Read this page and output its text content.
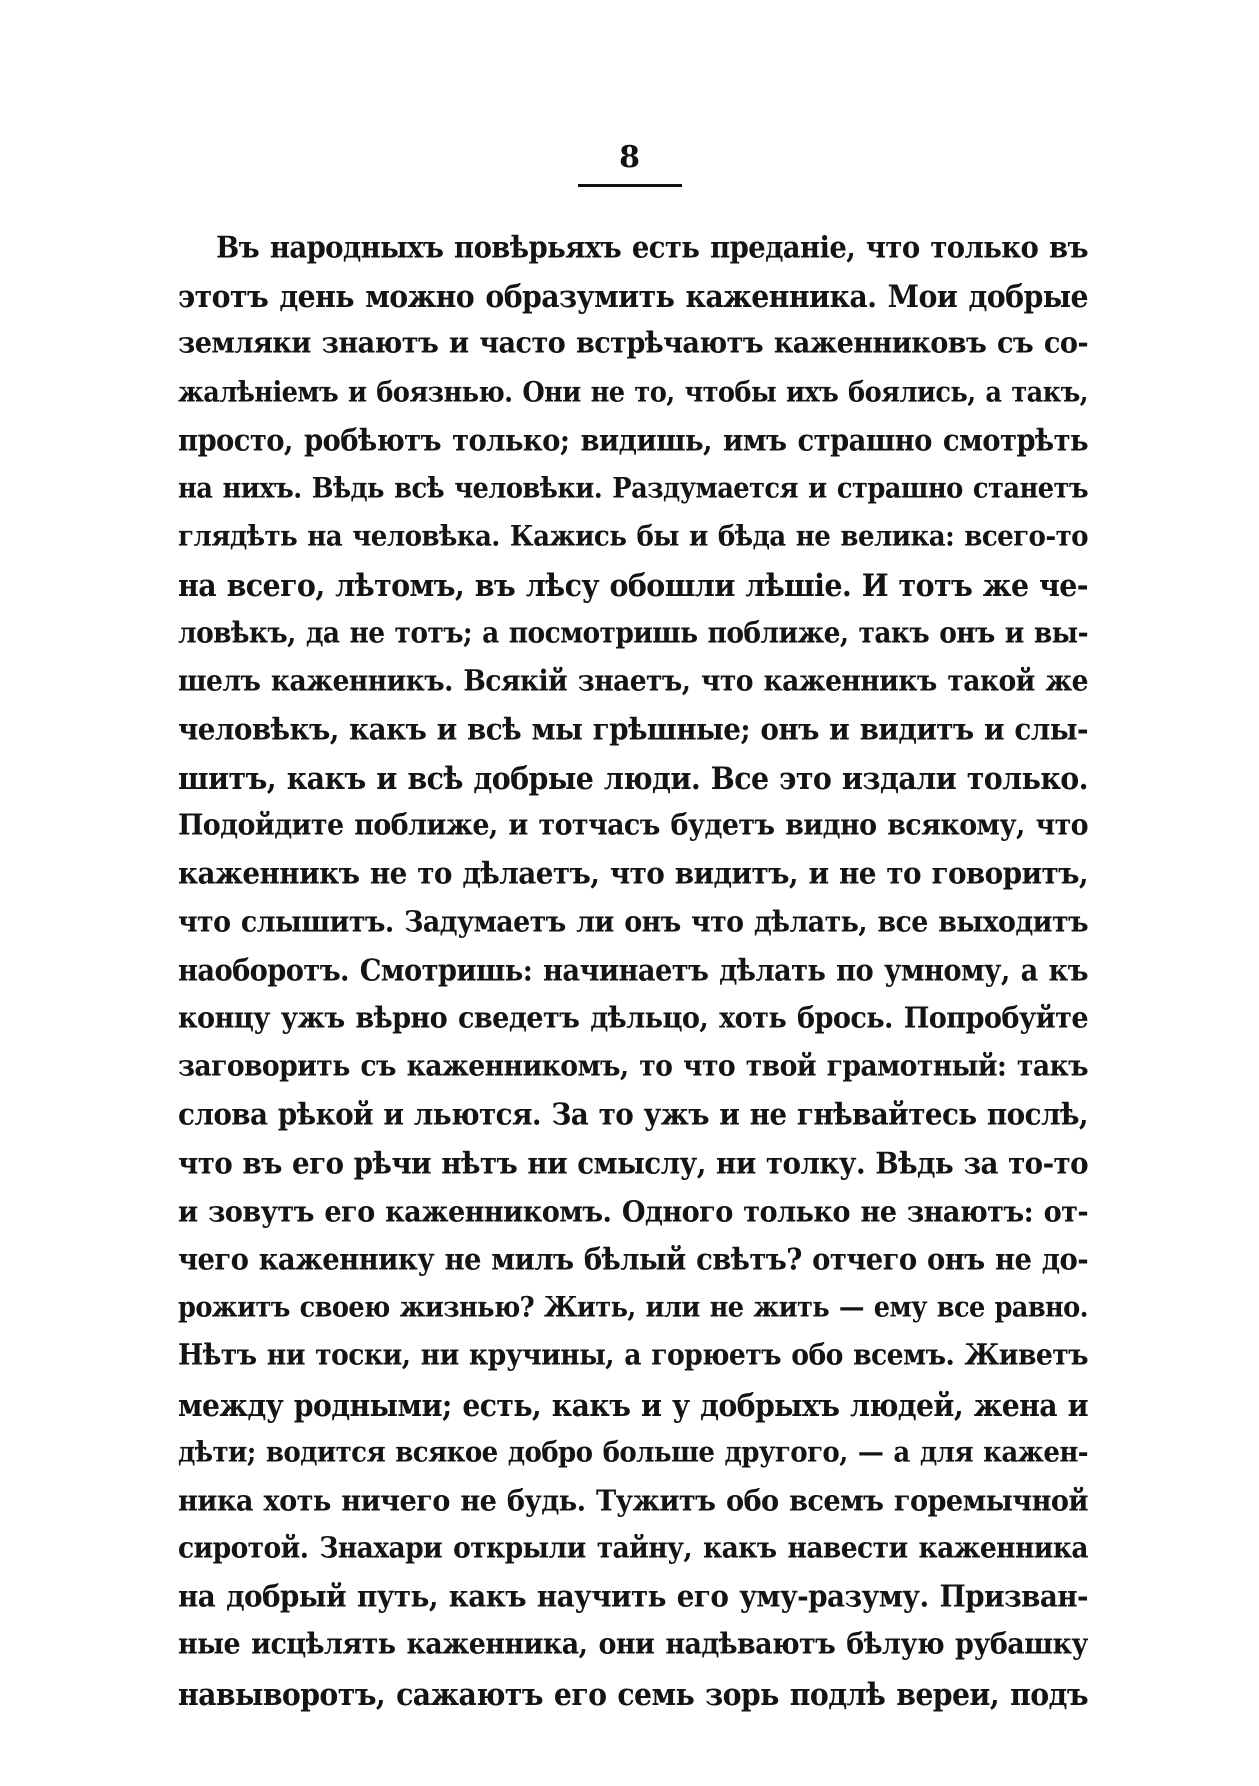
8
Въ народныхъ повѣрьяхъ есть преданіе, что только въ
этотъ день можно образумить каженника. Мои добрые
земляки знаютъ и часто встрѣчаютъ каженниковъ съ со-
жалѣніемъ и боязнью. Они не то, чтобы ихъ боялись, а такъ,
просто, робѣютъ только; видишь, имъ страшно смотрѣть
на нихъ. Вѣдь всѣ человѣки. Раздумается и страшно станетъ
глядѣть на человѣка. Кажись бы и бѣда не велика: всего-то
на всего, лѣтомъ, въ лѣсу обошли лѣшіе. И тотъ же че-
ловѣкъ, да не тотъ; а посмотришь поближе, такъ онъ и вы-
шелъ каженникъ. Всякій знаетъ, что каженникъ такой же
человѣкъ, какъ и всѣ мы грѣшные; онъ и видитъ и слы-
шитъ, какъ и всѣ добрые люди. Все это издали только.
Подойдите поближе, и тотчасъ будетъ видно всякому, что
каженникъ не то дѣлаетъ, что видитъ, и не то говоритъ,
что слышитъ. Задумаетъ ли онъ что дѣлать, все выходитъ
наоборотъ. Смотришь: начинаетъ дѣлать по умному, а къ
концу ужъ вѣрно сведетъ дѣльцо, хоть брось. Попробуйте
заговорить съ каженникомъ, то что твой грамотный: такъ
слова рѣкой и льются. За то ужъ и не гнѣвайтесь послѣ,
что въ его рѣчи нѣтъ ни смыслу, ни толку. Вѣдь за то-то
и зовутъ его каженникомъ. Одного только не знаютъ: от-
чего каженнику не милъ бѣлый свѣтъ? отчего онъ не до-
рожитъ своею жизнью? Жить, или не жить — ему все равно.
Нѣтъ ни тоски, ни кручины, а горюетъ обо всемъ. Живетъ
между родными; есть, какъ и у добрыхъ людей, жена и
дѣти; водится всякое добро больше другого, — а для кажен-
ника хоть ничего не будь. Тужитъ обо всемъ горемычной
сиротой. Знахари открыли тайну, какъ навести каженника
на добрый путь, какъ научить его уму-разуму. Призван-
ные исцѣлять каженника, они надѣваютъ бѣлую рубашку
навыворотъ, сажаютъ его семь зорь подлѣ вереи, подъ
